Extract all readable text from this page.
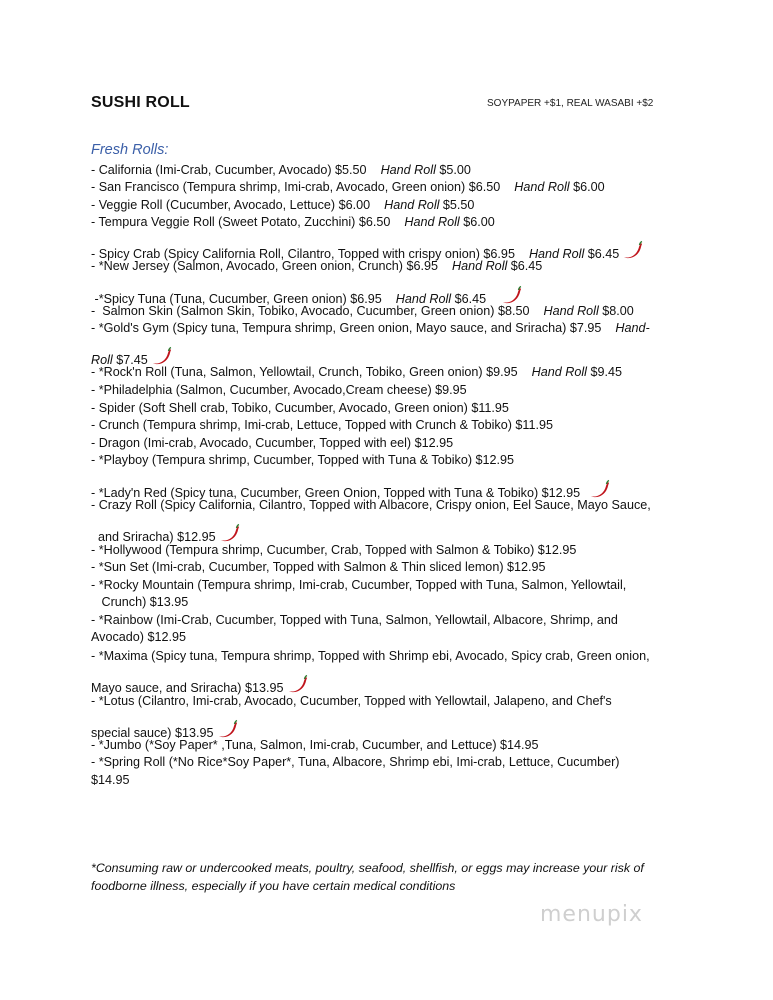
SUSHI ROLL	SOYPAPER +$1, REAL WASABI +$2
Fresh Rolls:
- California (Imi-Crab, Cucumber, Avocado) $5.50 Hand Roll $5.00
- San Francisco (Tempura shrimp, Imi-crab, Avocado, Green onion) $6.50 Hand Roll $6.00
- Veggie Roll (Cucumber, Avocado, Lettuce) $6.00 Hand Roll $5.50
- Tempura Veggie Roll (Sweet Potato, Zucchini) $6.50 Hand Roll $6.00
- Spicy Crab (Spicy California Roll, Cilantro, Topped with crispy onion) $6.95 Hand Roll $6.45
- *New Jersey (Salmon, Avocado, Green onion, Crunch) $6.95 Hand Roll $6.45
-*Spicy Tuna (Tuna, Cucumber, Green onion) $6.95 Hand Roll $6.45
-  Salmon Skin (Salmon Skin, Tobiko, Avocado, Cucumber, Green onion) $8.50 Hand Roll $8.00
- *Gold's Gym (Spicy tuna, Tempura shrimp, Green onion, Mayo sauce, and Sriracha) $7.95 Hand-
Roll $7.45
- *Rock'n Roll (Tuna, Salmon, Yellowtail, Crunch, Tobiko, Green onion) $9.95 Hand Roll $9.45
- *Philadelphia (Salmon, Cucumber, Avocado,Cream cheese) $9.95
- Spider (Soft Shell crab, Tobiko, Cucumber, Avocado, Green onion) $11.95
- Crunch (Tempura shrimp, Imi-crab, Lettuce, Topped with Crunch & Tobiko) $11.95
- Dragon (Imi-crab, Avocado, Cucumber, Topped with eel) $12.95
- *Playboy (Tempura shrimp, Cucumber, Topped with Tuna & Tobiko) $12.95
- *Lady'n Red (Spicy tuna, Cucumber, Green Onion, Topped with Tuna & Tobiko) $12.95
- Crazy Roll (Spicy California, Cilantro, Topped with Albacore, Crispy onion, Eel Sauce, Mayo Sauce,
and Sriracha) $12.95
- *Hollywood (Tempura shrimp, Cucumber, Crab, Topped with Salmon & Tobiko) $12.95
- *Sun Set (Imi-crab, Cucumber, Topped with Salmon & Thin sliced lemon) $12.95
- *Rocky Mountain (Tempura shrimp, Imi-crab, Cucumber, Topped with Tuna, Salmon, Yellowtail,
Crunch) $13.95
- *Rainbow (Imi-Crab, Cucumber, Topped with Tuna, Salmon, Yellowtail, Albacore, Shrimp, and
Avocado) $12.95
- *Maxima (Spicy tuna, Tempura shrimp, Topped with Shrimp ebi, Avocado, Spicy crab, Green onion,
Mayo sauce, and Sriracha) $13.95
- *Lotus (Cilantro, Imi-crab, Avocado, Cucumber, Topped with Yellowtail, Jalapeno, and Chef's
special sauce) $13.95
- *Jumbo (*Soy Paper* ,Tuna, Salmon, Imi-crab, Cucumber, and Lettuce) $14.95
- *Spring Roll (*No Rice*Soy Paper*, Tuna, Albacore, Shrimp ebi, Imi-crab, Lettuce, Cucumber)
$14.95
*Consuming raw or undercooked meats, poultry, seafood, shellfish, or eggs may increase your risk of foodborne illness, especially if you have certain medical conditions
menupix
